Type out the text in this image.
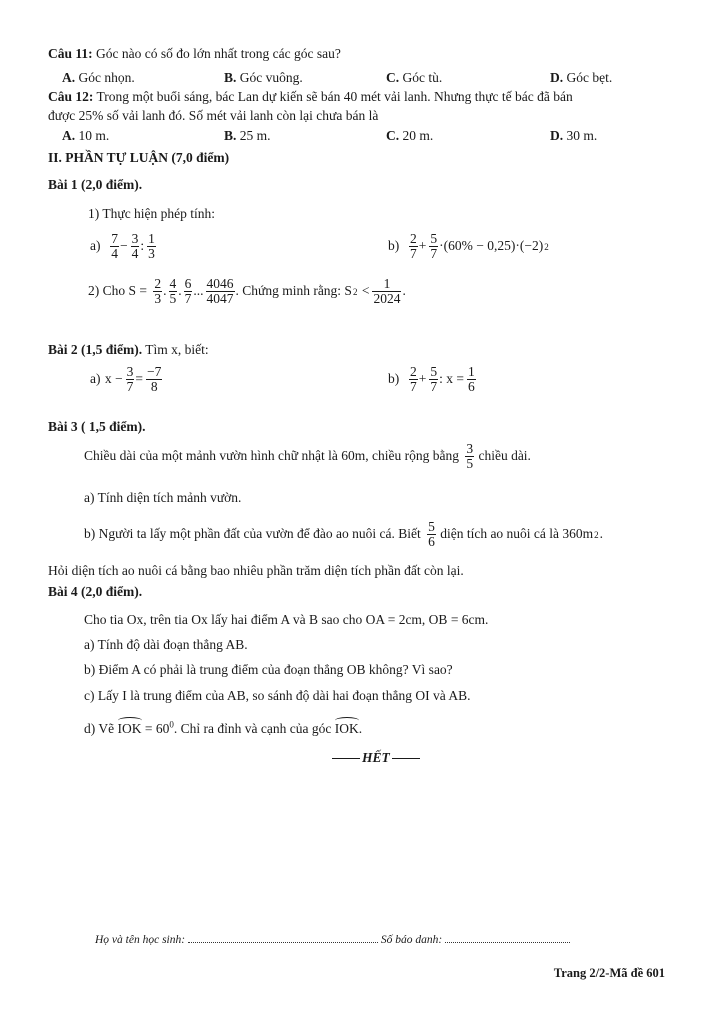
Câu 11: Góc nào có số đo lớn nhất trong các góc sau?
A. Góc nhọn.	B. Góc vuông.	C. Góc tù.	D. Góc bẹt.
Câu 12: Trong một buổi sáng, bác Lan dự kiến sẽ bán 40 mét vải lanh. Nhưng thực tế bác đã bán
được 25% số vải lanh đó. Số mét vải lanh còn lại chưa bán là
A. 10 m.	B. 25 m.	C. 20 m.	D. 30 m.
II. PHẦN TỰ LUẬN (7,0 điểm)
Bài 1 (2,0 điểm).
1) Thực hiện phép tính:
a)
$\frac{7}{4} - \frac{3}{4}$ : $\frac{1}{3}$	b)
$\frac{2}{7} + \frac{5}{7} \cdot(60\% - 0,25)\cdot(-2)$ 2
2) Cho S =
$\frac{2}{3}$ . $\frac{4}{5}$ . $\frac{6}{7}$ ... $\frac{4046}{4047}$ . Chứng minh rằng: S 2
< $\frac{1}{2024}$ .
Bài 2 (1,5 điểm). Tìm x, biết:
a)
$x - \frac{3}{7} = \frac{-7}{8}$	b)
$\frac{2}{7} + \frac{5}{7}$ : $x = \frac{1}{6}$
Bài 3 ( 1,5 điểm).
Chiều dài của một mảnh vườn hình chữ nhật là 60m, chiều rộng bằng
$\frac{3}{5}$
chiều dài.
a) Tính diện tích mảnh vườn.
b) Người ta lấy một phần đất của vườn để đào ao nuôi cá. Biết
$\frac{5}{6}$
diện tích ao nuôi cá là 360m 2 .
Hỏi diện tích ao nuôi cá bằng bao nhiêu phần trăm diện tích phần đất còn lại.
Bài 4 (2,0 điểm).
Cho tia Ox, trên tia Ox lấy hai điểm A và B sao cho OA = 2cm, OB = 6cm.
a) Tính độ dài đoạn thẳng AB.
b) Điểm A có phải là trung điểm của đoạn thẳng OB không? Vì sao?
c) Lấy I là trung điểm của AB, so sánh độ dài hai đoạn thẳng OI và AB.
d) Vẽ IOK = $60^0$. Chỉ ra đỉnh và cạnh của góc IOK.
HẾT
Họ và tên học sinh:	Số báo danh:
Trang 2/2-Mã đề 601
